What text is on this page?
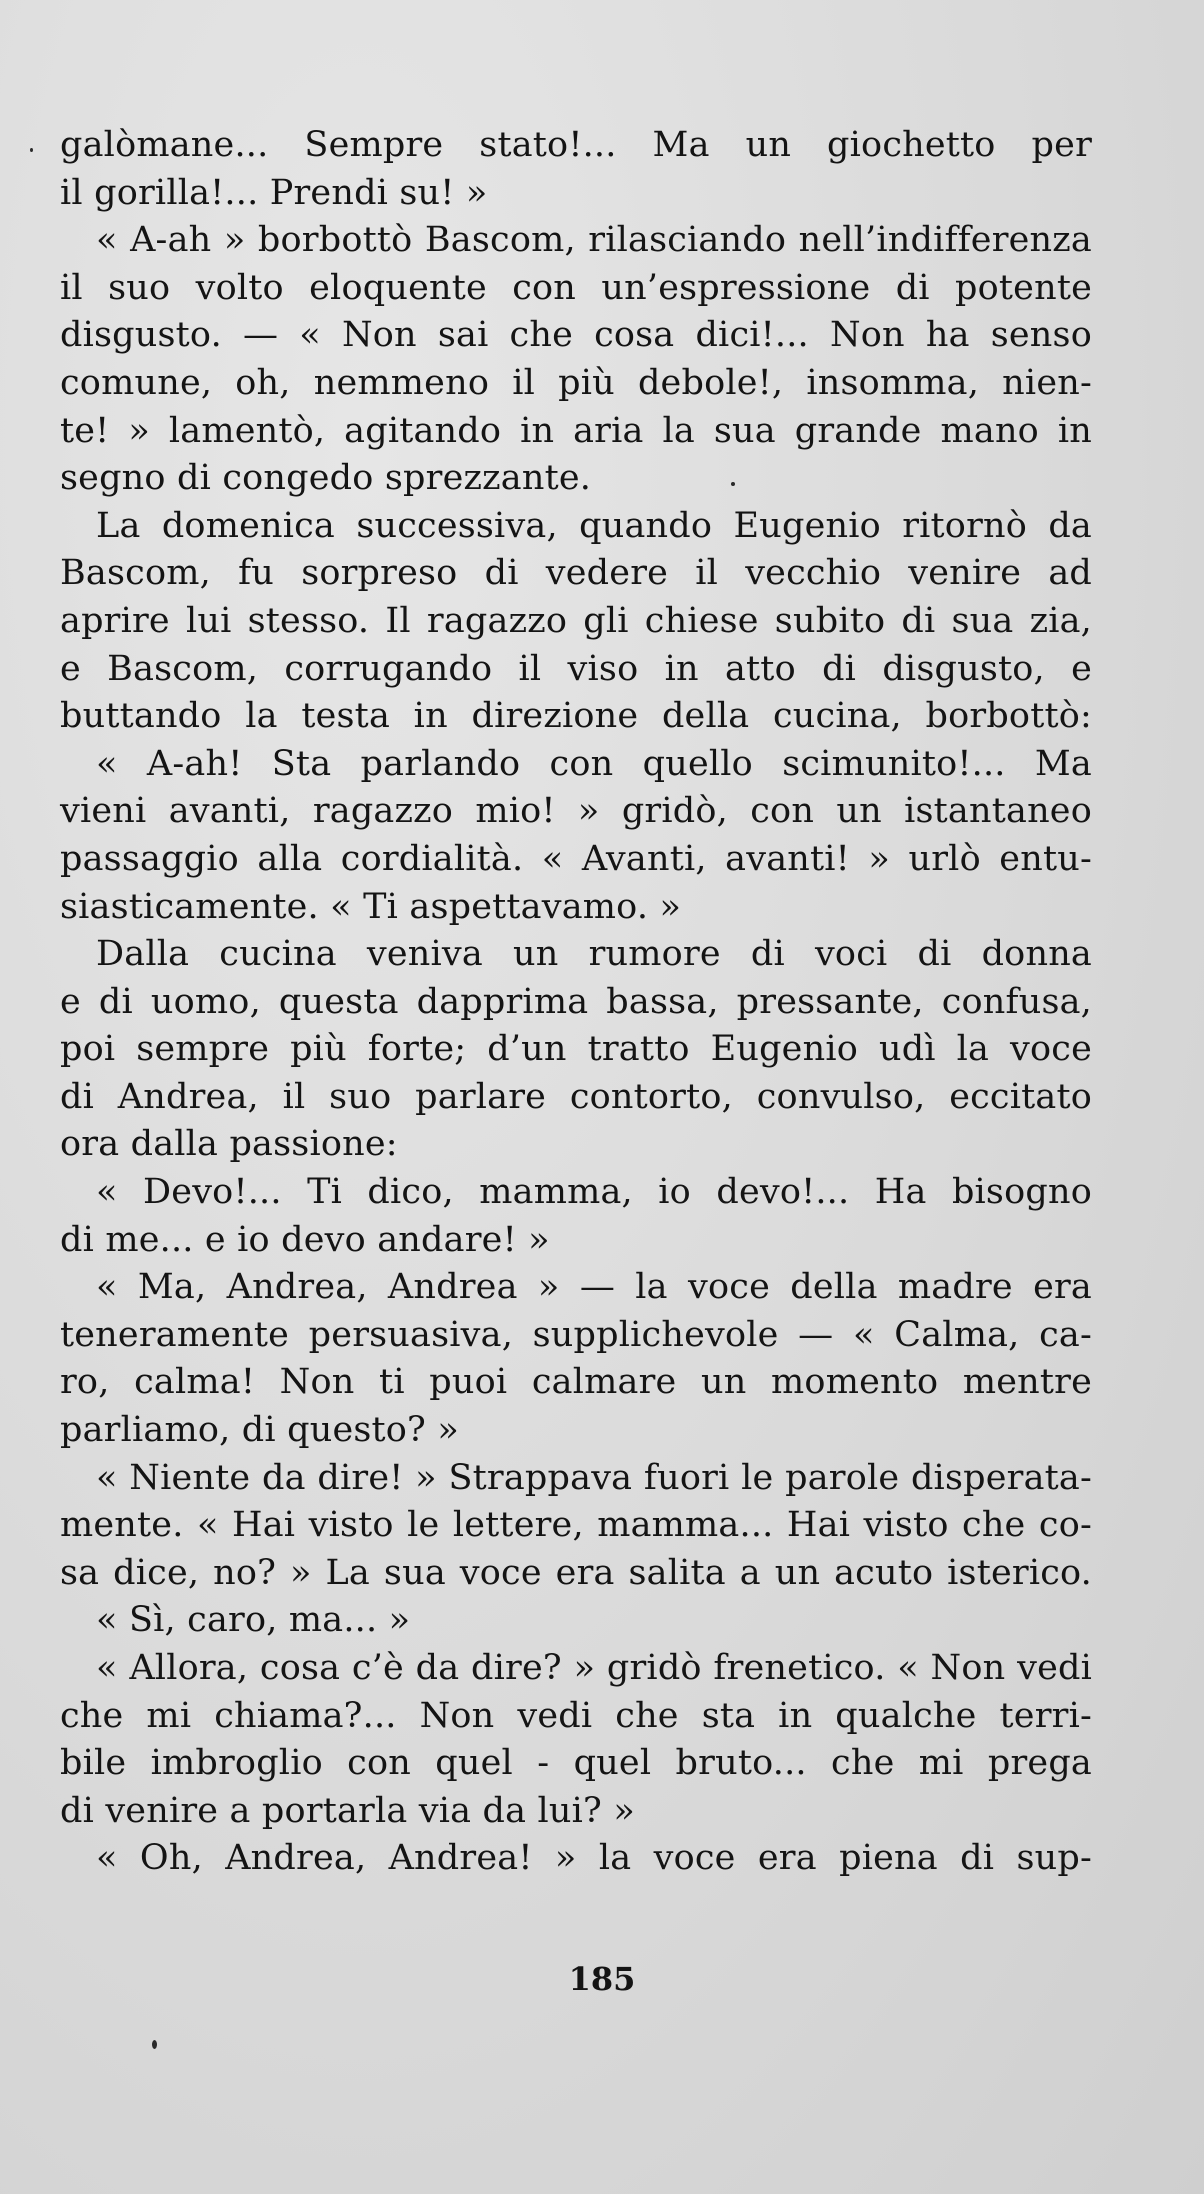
galòmane... Sempre stato!... Ma un giochetto per
il gorilla!... Prendi su! »
« A-ah » borbottò Bascom, rilasciando nell’indifferenza
il suo volto eloquente con un’espressione di potente
disgusto. — « Non sai che cosa dici!... Non ha senso
comune, oh, nemmeno il più debole!, insomma, nien-
te! » lamentò, agitando in aria la sua grande mano in
segno di congedo sprezzante.
La domenica successiva, quando Eugenio ritornò da
Bascom, fu sorpreso di vedere il vecchio venire ad
aprire lui stesso. Il ragazzo gli chiese subito di sua zia,
e Bascom, corrugando il viso in atto di disgusto, e
buttando la testa in direzione della cucina, borbottò:
« A-ah! Sta parlando con quello scimunito!... Ma
vieni avanti, ragazzo mio! » gridò, con un istantaneo
passaggio alla cordialità. « Avanti, avanti! » urlò entu-
siasticamente. « Ti aspettavamo. »
Dalla cucina veniva un rumore di voci di donna
e di uomo, questa dapprima bassa, pressante, confusa,
poi sempre più forte; d’un tratto Eugenio udì la voce
di Andrea, il suo parlare contorto, convulso, eccitato
ora dalla passione:
« Devo!... Ti dico, mamma, io devo!... Ha bisogno
di me... e io devo andare! »
« Ma, Andrea, Andrea » — la voce della madre era
teneramente persuasiva, supplichevole — « Calma, ca-
ro, calma! Non ti puoi calmare un momento mentre
parliamo, di questo? »
« Niente da dire! » Strappava fuori le parole disperata-
mente. « Hai visto le lettere, mamma... Hai visto che co-
sa dice, no? » La sua voce era salita a un acuto isterico.
« Sì, caro, ma... »
« Allora, cosa c’è da dire? » gridò frenetico. « Non vedi
che mi chiama?... Non vedi che sta in qualche terri-
bile imbroglio con quel - quel bruto... che mi prega
di venire a portarla via da lui? »
« Oh, Andrea, Andrea! » la voce era piena di sup-
185
